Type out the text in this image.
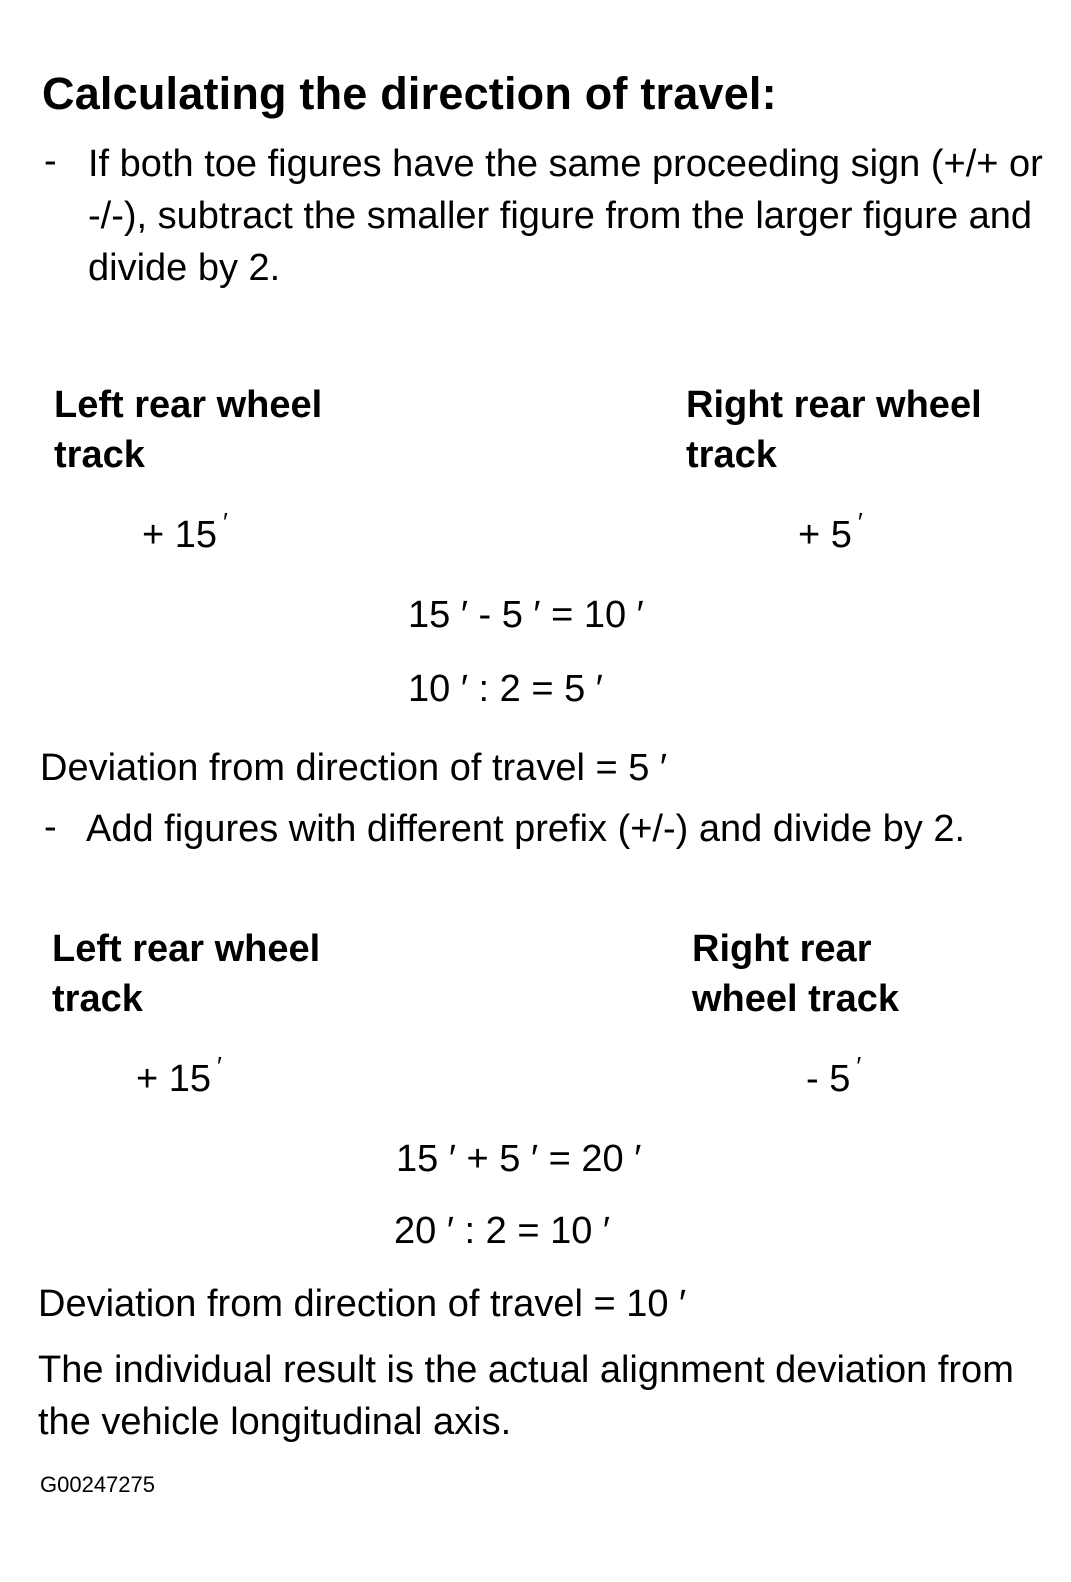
Calculating the direction of travel:
- If both toe figures have the same proceeding sign (+/+ or -/-), subtract the smaller figure from the larger figure and divide by 2.
Left rear wheel track
Right rear wheel track
+ 15 ′	+ 5 ′
15 ′ - 5 ′ = 10 ′
10 ′ : 2 = 5 ′
Deviation from direction of travel = 5 ′
- Add figures with different prefix (+/-) and divide by 2.
Left rear wheel track
Right rear wheel track
+ 15 ′	- 5 ′
15 ′ + 5 ′ = 20 ′
20 ′ : 2 = 10 ′
Deviation from direction of travel = 10 ′
The individual result is the actual alignment deviation from the vehicle longitudinal axis.
G00247275
